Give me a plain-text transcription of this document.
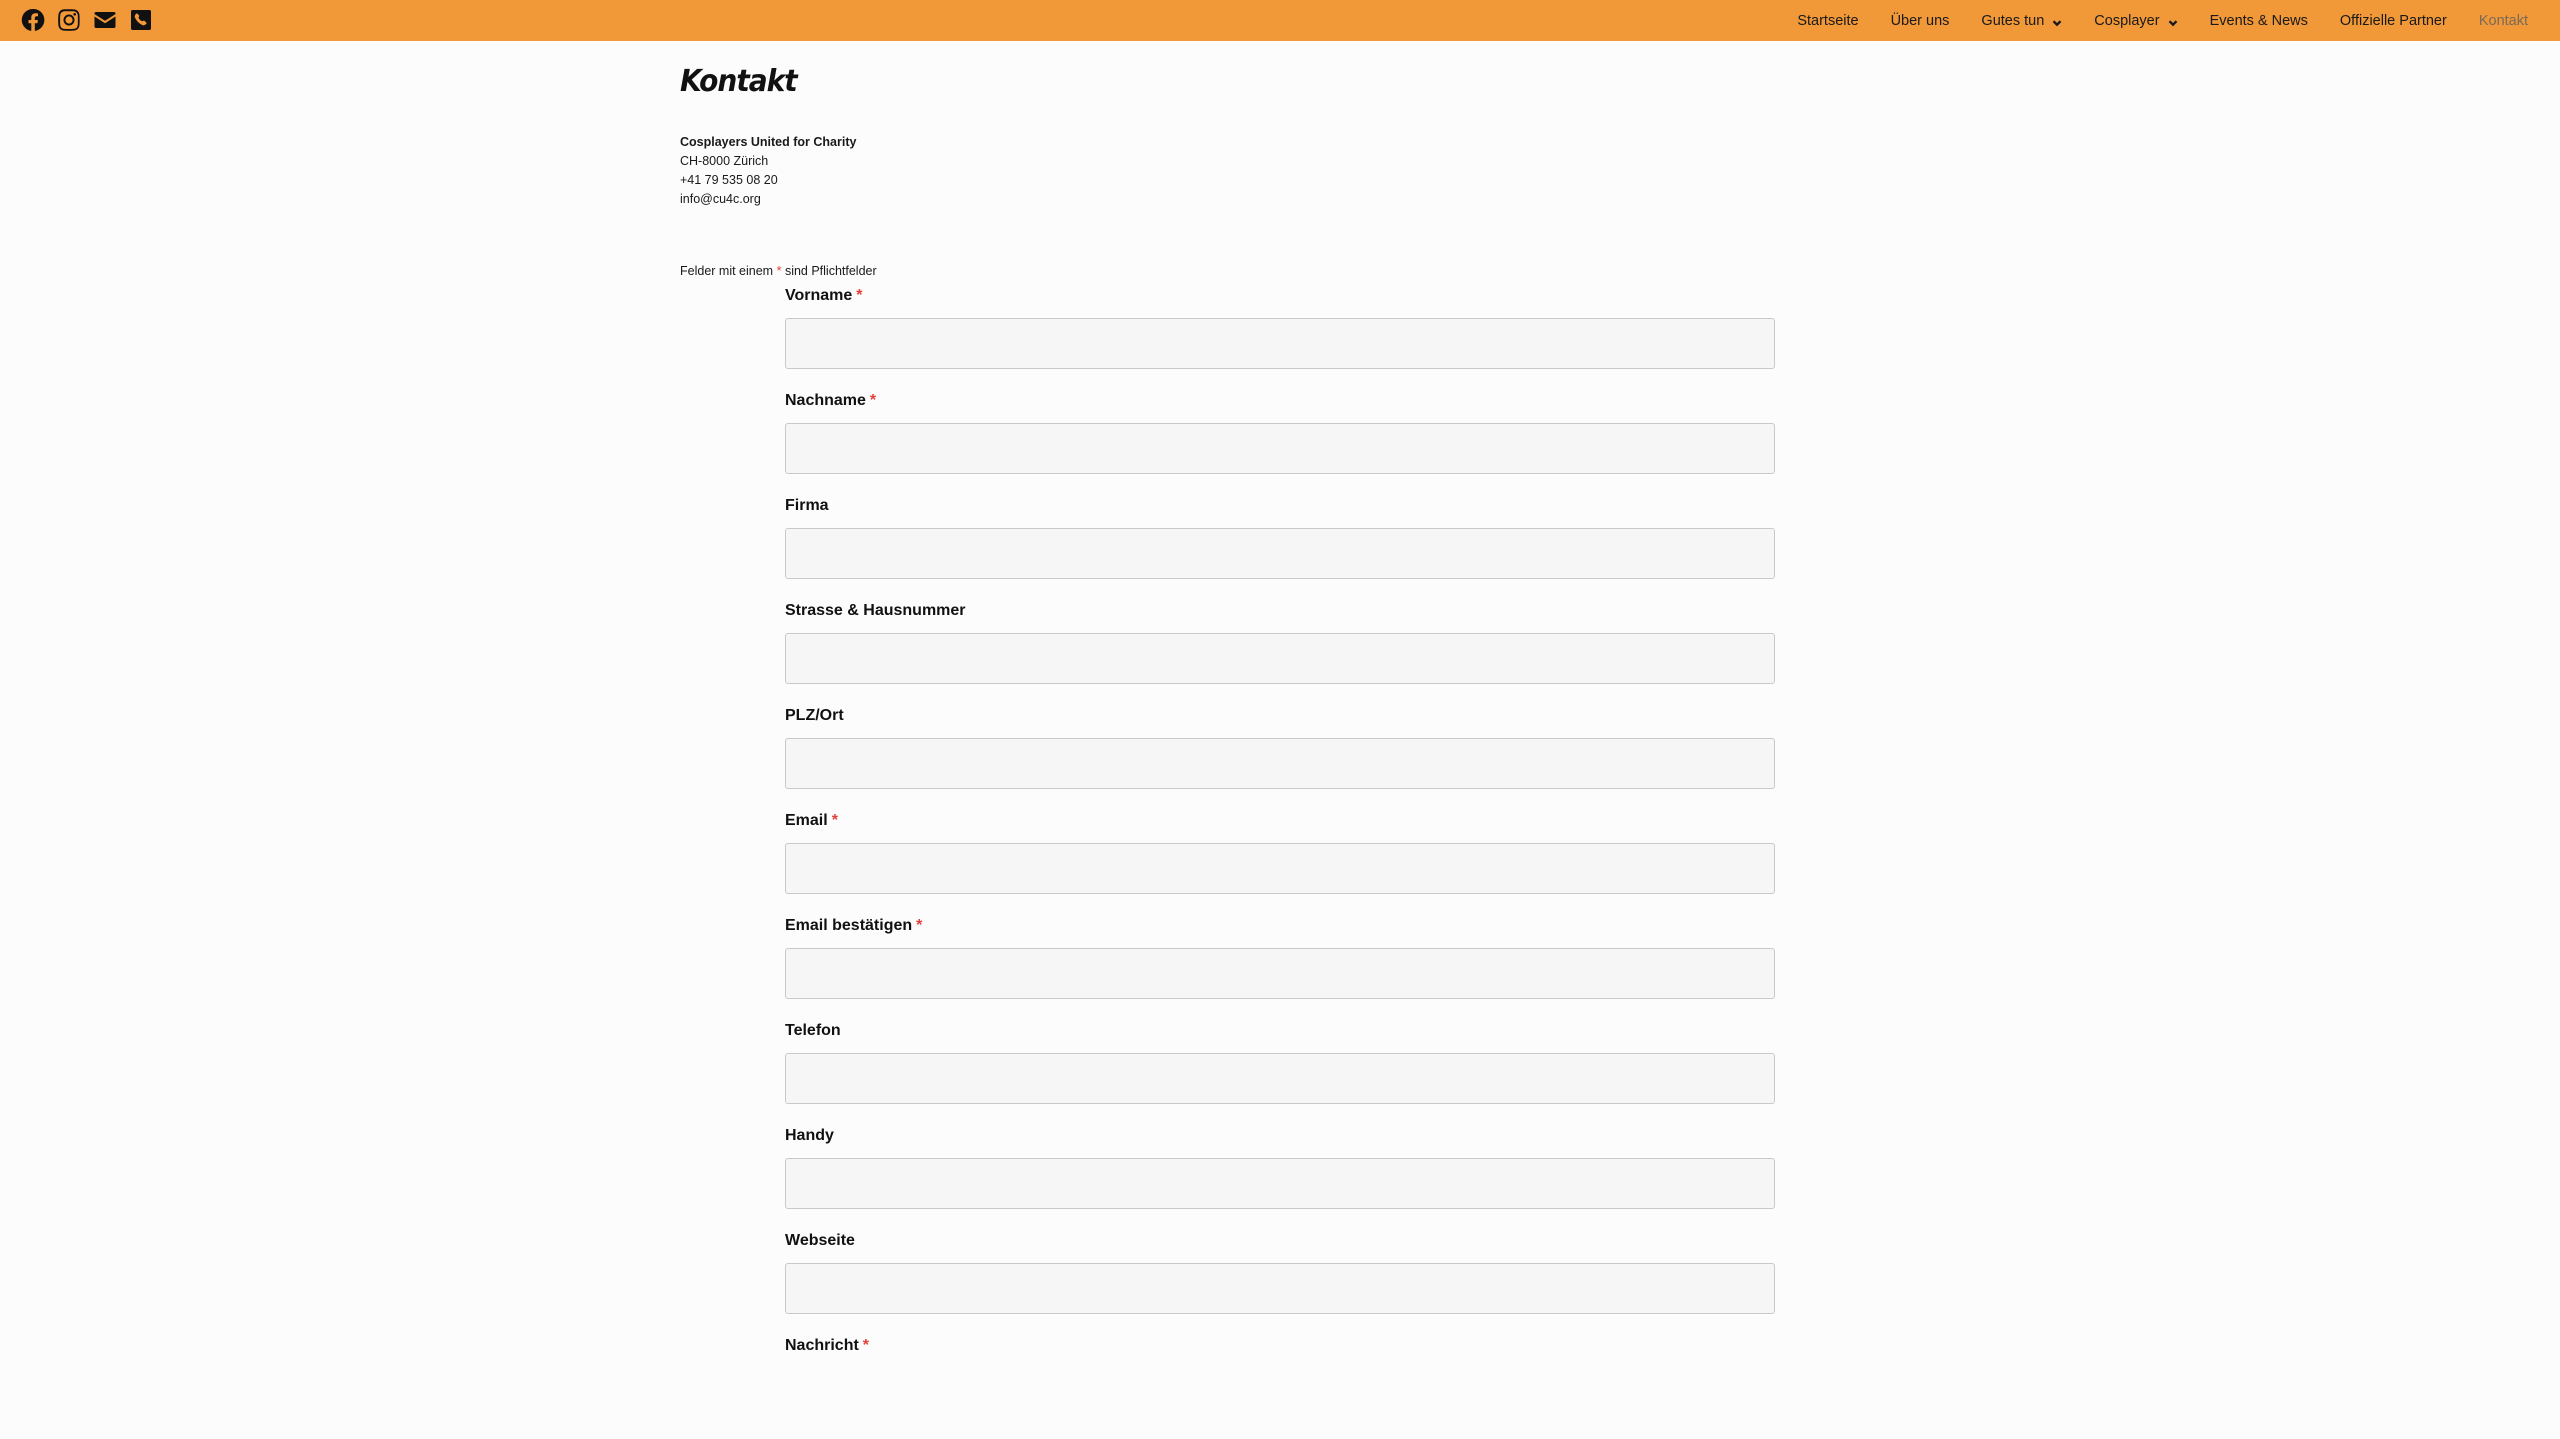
Startseite Über uns Gutes tun	Cosplayer	Events & News Offizielle Partner Kontakt
Kontakt
Cosplayers United for Charity
CH-8000 Zürich
+41 79 535 08 20
info@cu4c.org
Felder mit einem * sind Pflichtfelder
Vorname *
Nachname *
Firma
Strasse & Hausnummer
PLZ/Ort
Email *
Email bestätigen *
Telefon
Handy
Webseite
Nachricht *
